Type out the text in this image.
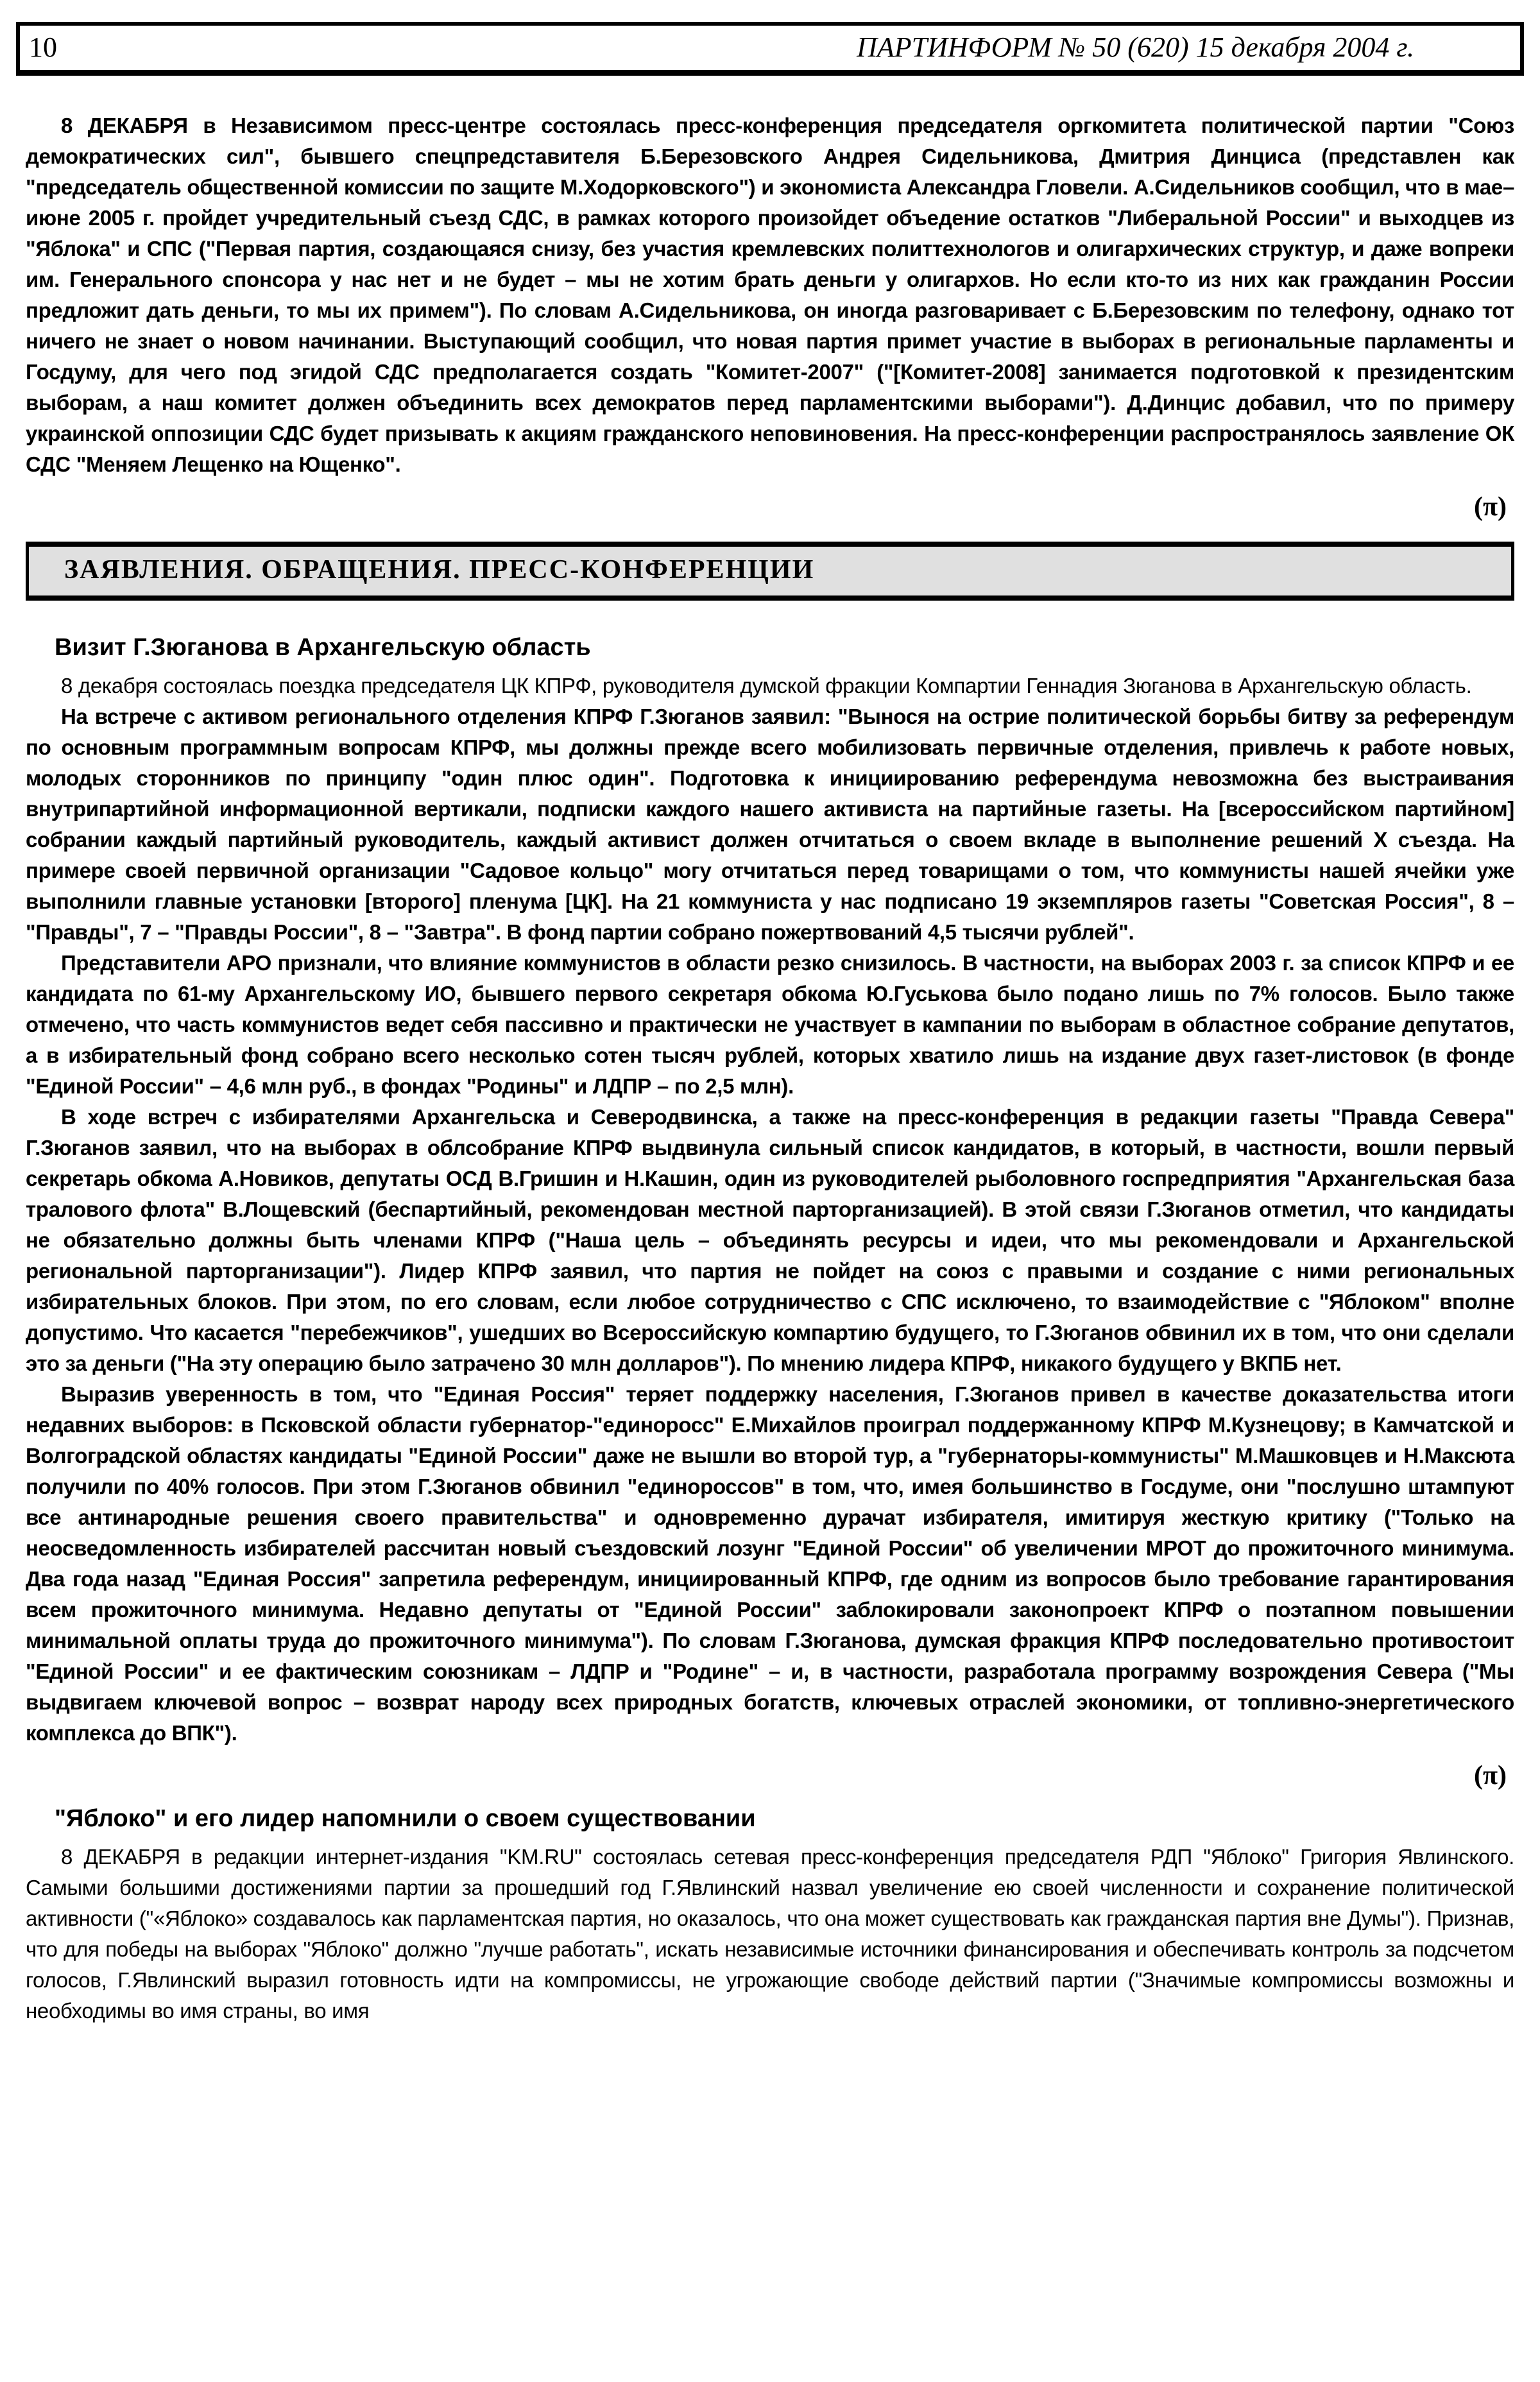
10	ПАРТИНФОРМ № 50 (620) 15 декабря 2004 г.
8 ДЕКАБРЯ в Независимом пресс-центре состоялась пресс-конференция председателя оргкомитета политической партии "Союз демократических сил", бывшего спецпредставителя Б.Березовского Андрея Сидельникова, Дмитрия Динциса (представлен как "председатель общественной комиссии по защите М.Ходорковского") и экономиста Александра Гловели. А.Сидельников сообщил, что в мае–июне 2005 г. пройдет учредительный съезд СДС, в рамках которого произойдет объедение остатков "Либеральной России" и выходцев из "Яблока" и СПС ("Первая партия, создающаяся снизу, без участия кремлевских политтехнологов и олигархических структур, и даже вопреки им. Генерального спонсора у нас нет и не будет – мы не хотим брать деньги у олигархов. Но если кто-то из них как гражданин России предложит дать деньги, то мы их примем"). По словам А.Сидельникова, он иногда разговаривает с Б.Березовским по телефону, однако тот ничего не знает о новом начинании. Выступающий сообщил, что новая партия примет участие в выборах в региональные парламенты и Госдуму, для чего под эгидой СДС предполагается создать "Комитет-2007" ("[Комитет-2008] занимается подготовкой к президентским выборам, а наш комитет должен объединить всех демократов перед парламентскими выборами"). Д.Динцис добавил, что по примеру украинской оппозиции СДС будет призывать к акциям гражданского неповиновения. На пресс-конференции распространялось заявление ОК СДС "Меняем Лещенко на Ющенко".
(π)
ЗАЯВЛЕНИЯ. ОБРАЩЕНИЯ. ПРЕСС-КОНФЕРЕНЦИИ
Визит Г.Зюганова в Архангельскую область
8 декабря состоялась поездка председателя ЦК КПРФ, руководителя думской фракции Компартии Геннадия Зюганова в Архангельскую область.
На встрече с активом регионального отделения КПРФ Г.Зюганов заявил: "Вынося на острие политической борьбы битву за референдум по основным программным вопросам КПРФ, мы должны прежде всего мобилизовать первичные отделения, привлечь к работе новых, молодых сторонников по принципу "один плюс один". Подготовка к инициированию референдума невозможна без выстраивания внутрипартийной информационной вертикали, подписки каждого нашего активиста на партийные газеты. На [всероссийском партийном] собрании каждый партийный руководитель, каждый активист должен отчитаться о своем вкладе в выполнение решений X съезда. На примере своей первичной организации "Садовое кольцо" могу отчитаться перед товарищами о том, что коммунисты нашей ячейки уже выполнили главные установки [второго] пленума [ЦК]. На 21 коммуниста у нас подписано 19 экземпляров газеты "Советская Россия", 8 – "Правды", 7 – "Правды России", 8 – "Завтра". В фонд партии собрано пожертвований 4,5 тысячи рублей".
Представители АРО признали, что влияние коммунистов в области резко снизилось. В частности, на выборах 2003 г. за список КПРФ и ее кандидата по 61-му Архангельскому ИО, бывшего первого секретаря обкома Ю.Гуськова было подано лишь по 7% голосов. Было также отмечено, что часть коммунистов ведет себя пассивно и практически не участвует в кампании по выборам в областное собрание депутатов, а в избирательный фонд собрано всего несколько сотен тысяч рублей, которых хватило лишь на издание двух газет-листовок (в фонде "Единой России" – 4,6 млн руб., в фондах "Родины" и ЛДПР – по 2,5 млн).
В ходе встреч с избирателями Архангельска и Северодвинска, а также на пресс-конференция в редакции газеты "Правда Севера" Г.Зюганов заявил, что на выборах в облсобрание КПРФ выдвинула сильный список кандидатов, в который, в частности, вошли первый секретарь обкома А.Новиков, депутаты ОСД В.Гришин и Н.Кашин, один из руководителей рыболовного госпредприятия "Архангельская база тралового флота" В.Лощевский (беспартийный, рекомендован местной парторганизацией). В этой связи Г.Зюганов отметил, что кандидаты не обязательно должны быть членами КПРФ ("Наша цель – объединять ресурсы и идеи, что мы рекомендовали и Архангельской региональной парторганизации"). Лидер КПРФ заявил, что партия не пойдет на союз с правыми и создание с ними региональных избирательных блоков. При этом, по его словам, если любое сотрудничество с СПС исключено, то взаимодействие с "Яблоком" вполне допустимо. Что касается "перебежчиков", ушедших во Всероссийскую компартию будущего, то Г.Зюганов обвинил их в том, что они сделали это за деньги ("На эту операцию было затрачено 30 млн долларов"). По мнению лидера КПРФ, никакого будущего у ВКПБ нет.
Выразив уверенность в том, что "Единая Россия" теряет поддержку населения, Г.Зюганов привел в качестве доказательства итоги недавних выборов: в Псковской области губернатор-"единоросс" Е.Михайлов проиграл поддержанному КПРФ М.Кузнецову; в Камчатской и Волгоградской областях кандидаты "Единой России" даже не вышли во второй тур, а "губернаторы-коммунисты" М.Машковцев и Н.Максюта получили по 40% голосов. При этом Г.Зюганов обвинил "единороссов" в том, что, имея большинство в Госдуме, они "послушно штампуют все антинародные решения своего правительства" и одновременно дурачат избирателя, имитируя жесткую критику ("Только на неосведомленность избирателей рассчитан новый съездовский лозунг "Единой России" об увеличении МРОТ до прожиточного минимума. Два года назад "Единая Россия" запретила референдум, инициированный КПРФ, где одним из вопросов было требование гарантирования всем прожиточного минимума. Недавно депутаты от "Единой России" заблокировали законопроект КПРФ о поэтапном повышении минимальной оплаты труда до прожиточного минимума"). По словам Г.Зюганова, думская фракция КПРФ последовательно противостоит "Единой России" и ее фактическим союзникам – ЛДПР и "Родине" – и, в частности, разработала программу возрождения Севера ("Мы выдвигаем ключевой вопрос – возврат народу всех природных богатств, ключевых отраслей экономики, от топливно-энергетического комплекса до ВПК").
(π)
"Яблоко" и его лидер напомнили о своем существовании
8 ДЕКАБРЯ в редакции интернет-издания "KM.RU" состоялась сетевая пресс-конференция председателя РДП "Яблоко" Григория Явлинского. Самыми большими достижениями партии за прошедший год Г.Явлинский назвал увеличение ею своей численности и сохранение политической активности ("«Яблоко» создавалось как парламентская партия, но оказалось, что она может существовать как гражданская партия вне Думы"). Признав, что для победы на выборах "Яблоко" должно "лучше работать", искать независимые источники финансирования и обеспечивать контроль за подсчетом голосов, Г.Явлинский выразил готовность идти на компромиссы, не угрожающие свободе действий партии ("Значимые компромиссы возможны и необходимы во имя страны, во имя
